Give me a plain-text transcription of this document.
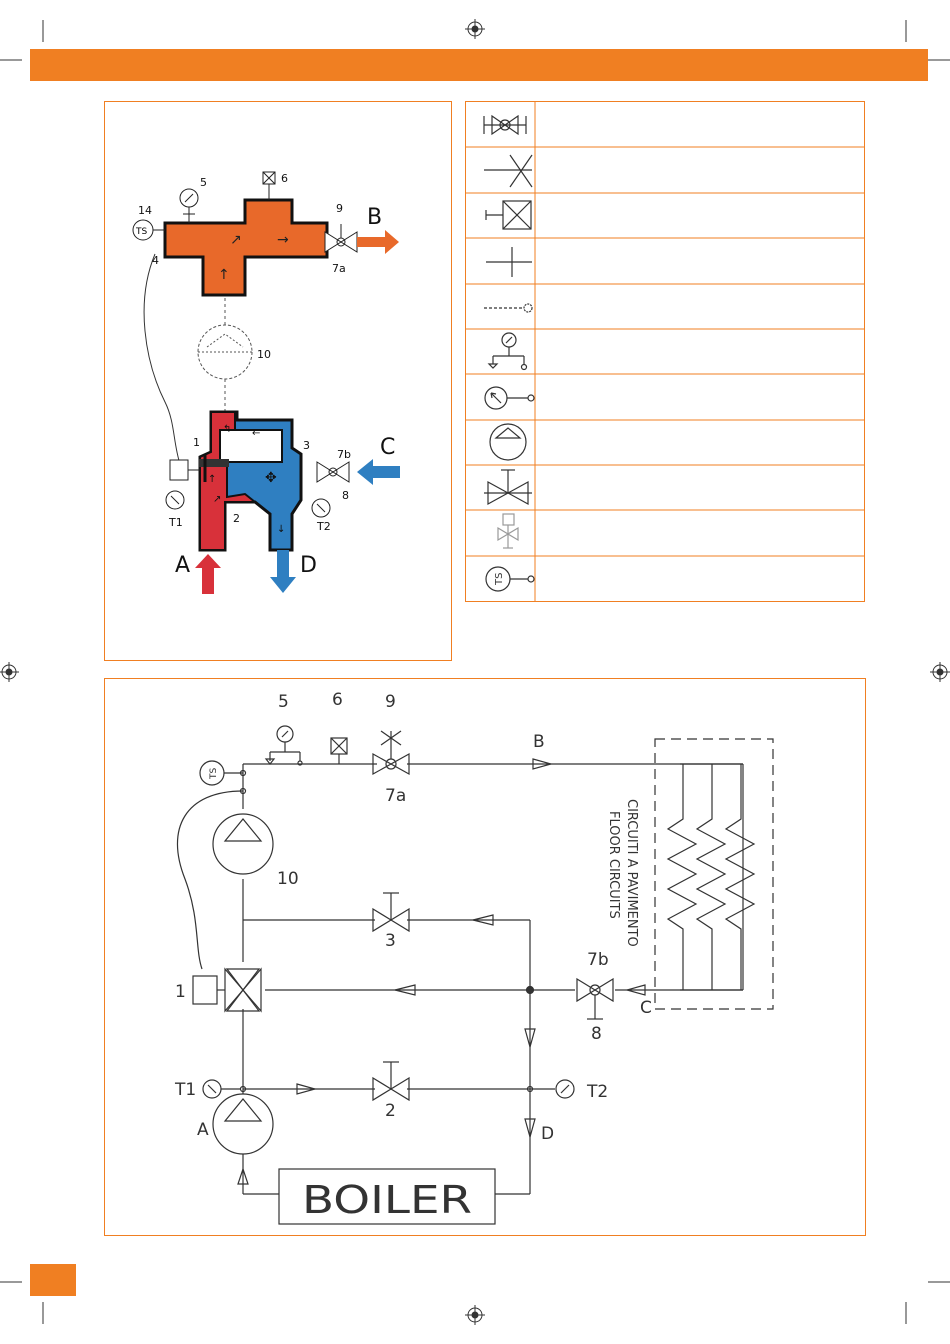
↗	→
↑
TS
✥
←
↰
↑
↗
↓
5	6
14
4
9
7a
10
1	3
7b
8
T1	T2
2
B
C
A	D
TS
TS
5	6 9
7a
B
10
3
1
7b
8
C
T1	T2
2
A	D
BOILER
CIRCUITI A PAVIMENTO
FLOOR CIRCUITS
